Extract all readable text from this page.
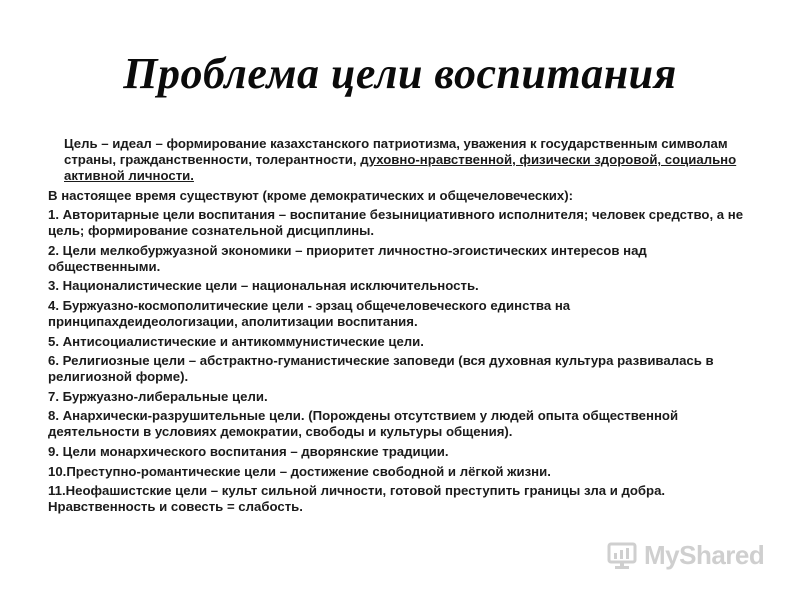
Проблема цели воспитания

Цель – идеал – формирование казахстанского патриотизма, уважения к государственным символам страны, гражданственности, толерантности, духовно-нравственной, физически здоровой, социально активной личности.

В настоящее время существуют (кроме демократических и общечеловеческих):

1. Авторитарные цели воспитания – воспитание безынициативного исполнителя; человек средство, а не цель; формирование сознательной дисциплины.

2. Цели мелкобуржуазной экономики – приоритет личностно-эгоистических интересов над общественными.

3. Националистические цели – национальная исключительность.

4. Буржуазно-космополитические цели - эрзац общечеловеческого единства на принципахдеидеологизации, аполитизации воспитания.

5. Антисоциалистические и антикоммунистические цели.

6. Религиозные цели – абстрактно-гуманистические заповеди (вся духовная культура развивалась в религиозной форме).

7. Буржуазно-либеральные цели.

8. Анархически-разрушительные цели. (Порождены отсутствием у людей опыта общественной деятельности в условиях демократии, свободы и культуры общения).

9. Цели монархического воспитания – дворянские традиции.

10.Преступно-романтические цели – достижение свободной и лёгкой жизни.

11.Неофашистские цели – культ сильной личности, готовой преступить границы зла и добра. Нравственность и совесть = слабость.

MyShared
